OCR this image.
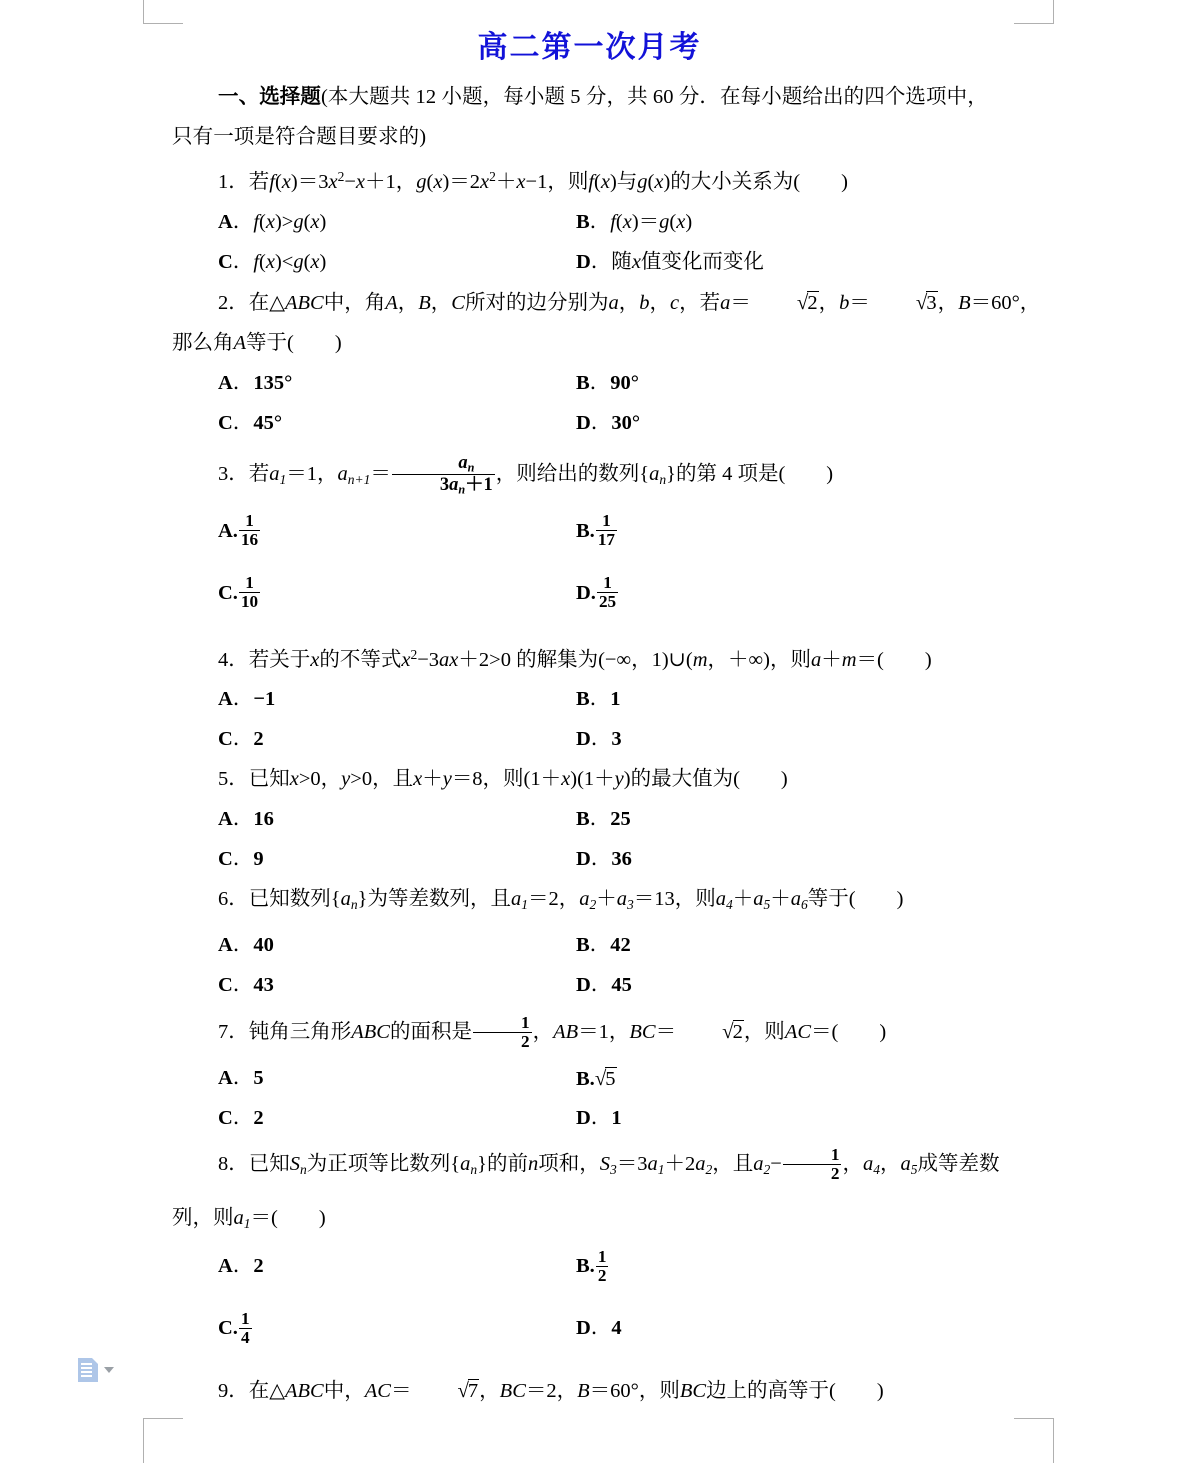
高二第一次月考

一、选择题(本大题共 12 小题，每小题 5 分，共 60 分．在每小题给出的四个选项中，

只有一项是符合题目要求的)

1．若$f(x)=3x^2-x+1$，$g(x)=2x^2+x-1$，则f(x)与g(x)的大小关系为(　　)

A．f(x)>g(x)	B．f(x)＝g(x)
C．f(x)<g(x)	D．随x值变化而变化

2．在△ABC中，角A，B，C所对的边分别为a，b，c，若a＝ √2，b＝ √3，B＝60°，

那么角A等于(　　)

A．135°	B．90°
C．45°	D．30°

3．若$a_1=1$，$a_{n+1}= \frac{an}{3an+1}$ ，则给出的数列$\{a_n\}$的第 4 项是(　　)

A. $\frac{1}{16}$	B. $\frac{1}{17}$
C. $\frac{1}{10}$	D. $\frac{1}{25}$

4．若关于x的不等式$x^2-3ax+2>0$ 的解集为(−∞，1)∪(m，＋∞)，则a＋m＝(　　)

A．−1	B．1
C．2	D．3

5．已知x>0，y>0，且x＋y＝8，则(1＋x)(1＋y)的最大值为(　　)

A．16	B．25
C．9	D．36

6．已知数列$\{a_n\}$为等差数列，且$a_1=2$，$a_2+a_3=13$，则$a_4+a_5+a_6$等于(　　)

A．40	B．42
C．43	D．45

7．钝角三角形ABC的面积是 $\frac{1}{2}$ ，AB＝1，BC＝ √2，则AC＝(　　)

A．5	B.√5
C．2	D．1

8．已知$S_n$为正项等比数列$\{a_n\}$的前n项和，$S_3=3a_1+2a_2$，且$a_2- \frac{1}{2}$ ，$a_4$，$a_5$成等差数

列，则$a_1=$(　　)

A．2	B. $\frac{1}{2}$
C. $\frac{1}{4}$	D．4

9．在△ABC中，AC＝ √7，BC＝2，B＝60°，则BC边上的高等于(　　)
